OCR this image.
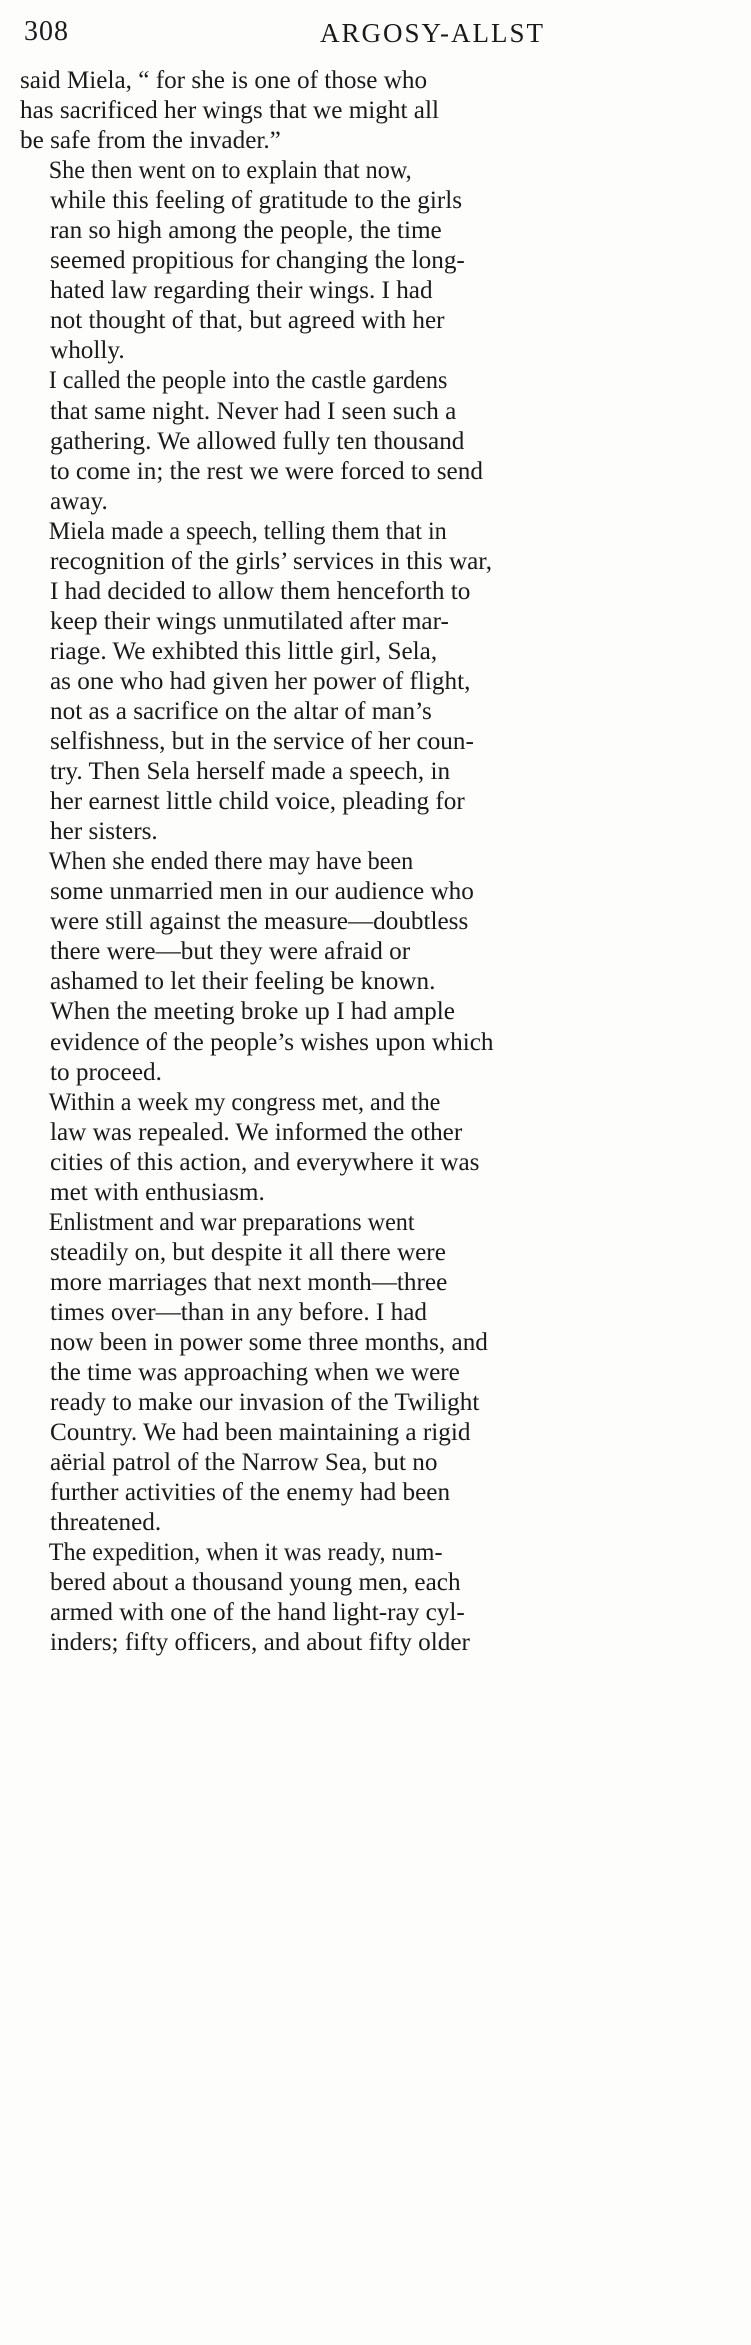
308	ARGOSY-ALLST

said Miela, “ for she is one of those who
has sacrificed her wings that we might all
be safe from the invader.”

She then went on to explain that now,
while this feeling of gratitude to the girls
ran so high among the people, the time
seemed propitious for changing the long-
hated law regarding their wings. I had
not thought of that, but agreed with her
wholly.

I called the people into the castle gardens
that same night. Never had I seen such a
gathering. We allowed fully ten thousand
to come in; the rest we were forced to send
away.

Miela made a speech, telling them that in
recognition of the girls’ services in this war,
I had decided to allow them henceforth to
keep their wings unmutilated after mar-
riage. We exhibted this little girl, Sela,
as one who had given her power of flight,
not as a sacrifice on the altar of man’s
selfishness, but in the service of her coun-
try. Then Sela herself made a speech, in
her earnest little child voice, pleading for
her sisters.

When she ended there may have been
some unmarried men in our audience who
were still against the measure—doubtless
there were—but they were afraid or
ashamed to let their feeling be known.
When the meeting broke up I had ample
evidence of the people’s wishes upon which
to proceed.

Within a week my congress met, and the
law was repealed. We informed the other
cities of this action, and everywhere it was
met with enthusiasm.

Enlistment and war preparations went
steadily on, but despite it all there were
more marriages that next month—three
times over—than in any before. I had
now been in power some three months, and
the time was approaching when we were
ready to make our invasion of the Twilight
Country. We had been maintaining a rigid
aërial patrol of the Narrow Sea, but no
further activities of the enemy had been
threatened.

The expedition, when it was ready, num-
bered about a thousand young men, each
armed with one of the hand light-ray cyl-
inders; fifty officers, and about fifty older
